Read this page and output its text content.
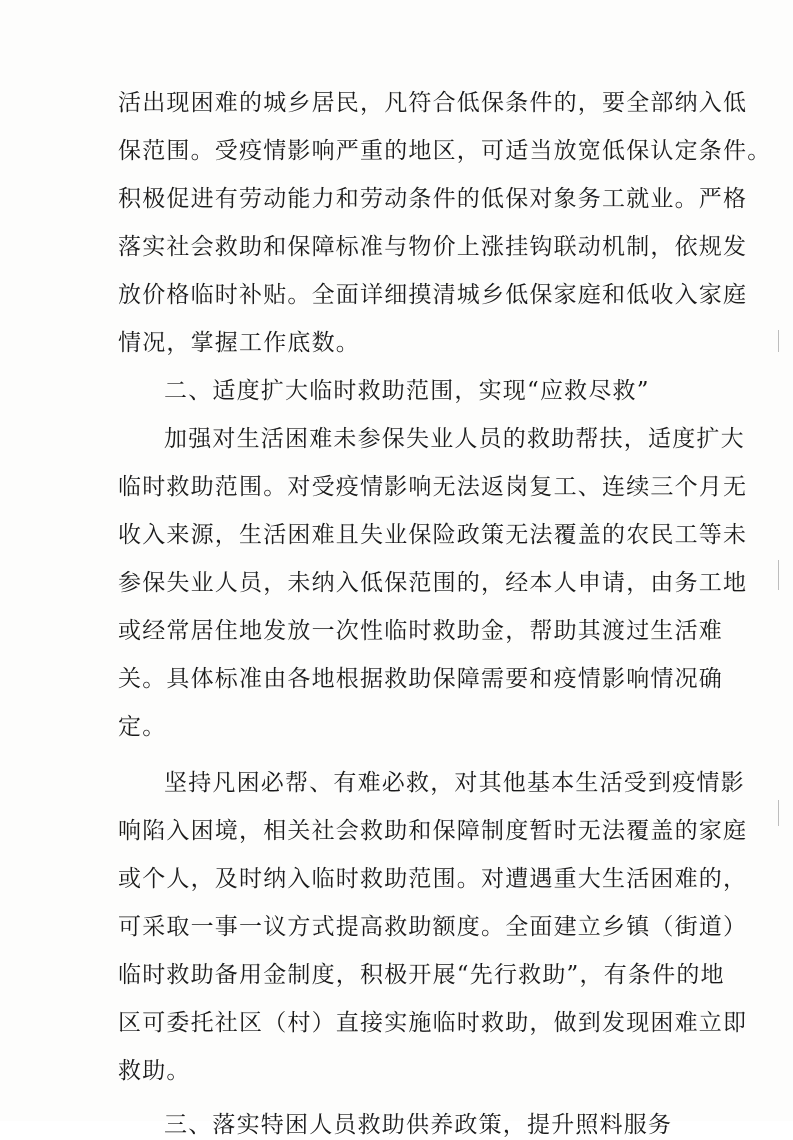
活出现困难的城乡居民，凡符合低保条件的，要全部纳入低
保范围。受疫情影响严重的地区，可适当放宽低保认定条件。
积极促进有劳动能力和劳动条件的低保对象务工就业。严格
落实社会救助和保障标准与物价上涨挂钩联动机制，依规发
放价格临时补贴。全面详细摸清城乡低保家庭和低收入家庭
情况，掌握工作底数。
二、适度扩大临时救助范围，实现“应救尽救”
加强对生活困难未参保失业人员的救助帮扶，适度扩大
临时救助范围。对受疫情影响无法返岗复工、连续三个月无
收入来源，生活困难且失业保险政策无法覆盖的农民工等未
参保失业人员，未纳入低保范围的，经本人申请，由务工地
或经常居住地发放一次性临时救助金，帮助其渡过生活难
关。具体标准由各地根据救助保障需要和疫情影响情况确
定。
坚持凡困必帮、有难必救，对其他基本生活受到疫情影
响陷入困境，相关社会救助和保障制度暂时无法覆盖的家庭
或个人，及时纳入临时救助范围。对遭遇重大生活困难的，
可采取一事一议方式提高救助额度。全面建立乡镇（街道）
临时救助备用金制度，积极开展“先行救助”，有条件的地
区可委托社区（村）直接实施临时救助，做到发现困难立即
救助。
三、落实特困人员救助供养政策，提升照料服务
